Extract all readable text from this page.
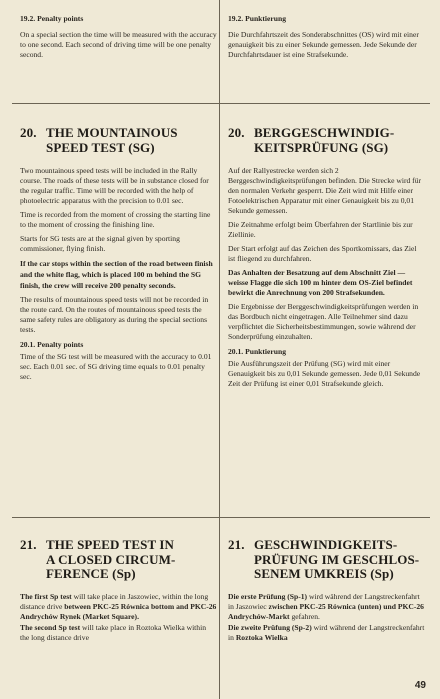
19.2. Penalty points

On a special section the time will be measured with the accuracy to one second. Each second of driving time will be one penalty second.

20. THE MOUNTAINOUS
SPEED TEST (SG)

Two mountainous speed tests will be included in the Rally course. The roads of these tests will be in substance closed for the regular traffic. Time will be recorded with the help of photoelectric apparatus with the precision to 0.01 sec.

Time is recorded from the moment of crossing the starting line to the moment of crossing the finishing line.

Starts for SG tests are at the signal given by sporting commissioner, flying finish.

If the car stops within the section of the road between finish and the white flag, which is placed 100 m behind the SG finish, the crew will receive 200 penalty seconds.

The results of mountainous speed tests will not be recorded in the route card. On the routes of mountainous speed tests the same safety rules are obligatory as during the special sections tests.

20.1. Penalty points

Time of the SG test will be measured with the accuracy to 0.01 sec. Each 0.01 sec. of SG driving time equals to 0.01 penalty sec.

21. THE SPEED TEST IN
A CLOSED CIRCUM-
FERENCE (Sp)

The first Sp test will take place in Jaszowiec, within the long distance drive between PKC-25 Równica bottom and PKC-26 Andrychów Rynek (Market Square).

The second Sp test will take place in Roztoka Wielka within the long distance drive

19.2. Punktierung

Die Durchfahrtszeit des Sonderabschnittes (OS) wird mit einer genauigkeit bis zu einer Sekunde gemessen. Jede Sekunde der Durchfahrtsdauer ist eine Strafsekunde.

20. BERGGESCHWINDIG-
KEITSPRÜFUNG (SG)

Auf der Rallyestrecke werden sich 2 Berggeschwindigkeitsprüfungen befinden. Die Strecke wird für den normalen Verkehr gesperrt. Die Zeit wird mit Hilfe einer Fotoelektrischen Apparatur mit einer Genauigkeit bis zu 0,01 Sekunde gemessen.

Die Zeitnahme erfolgt beim Überfahren der Startlinie bis zur Ziellinie.

Der Start erfolgt auf das Zeichen des Sportkomissars, das Ziel ist fliegend zu durchfahren.

Das Anhalten der Besatzung auf dem Abschnitt Ziel — weisse Flagge die sich 100 m hinter dem OS-Ziel befindet bewirkt die Anrechnung von 200 Strafsekunden.

Die Ergebnisse der Berggeschwindigkeitsprüfungen werden in das Bordbuch nicht eingetragen. Alle Teilnehmer sind dazu verpflichtet die Sicherheitsbestimmungen, sowie während der Sonderprüfung einzuhalten.

20.1. Punktierung

Die Ausführungszeit der Prüfung (SG) wird mit einer Genauigkeit bis zu 0,01 Sekunde gemessen. Jede 0,01 Sekunde Zeit der Prüfung ist einer 0,01 Strafsekunde gleich.

21. GESCHWINDIGKEITS-
PRÜFUNG IM GESCHLOS-
SENEM UMKREIS (Sp)

Die erste Prüfung (Sp-1) wird während der Langstreckenfahrt in Jaszowiec zwischen PKC-25 Równica (unten) und PKC-26 Andrychów-Markt gefahren.

Die zweite Prüfung (Sp-2) wird während der Langstreckenfahrt in Roztoka Wielka

49
